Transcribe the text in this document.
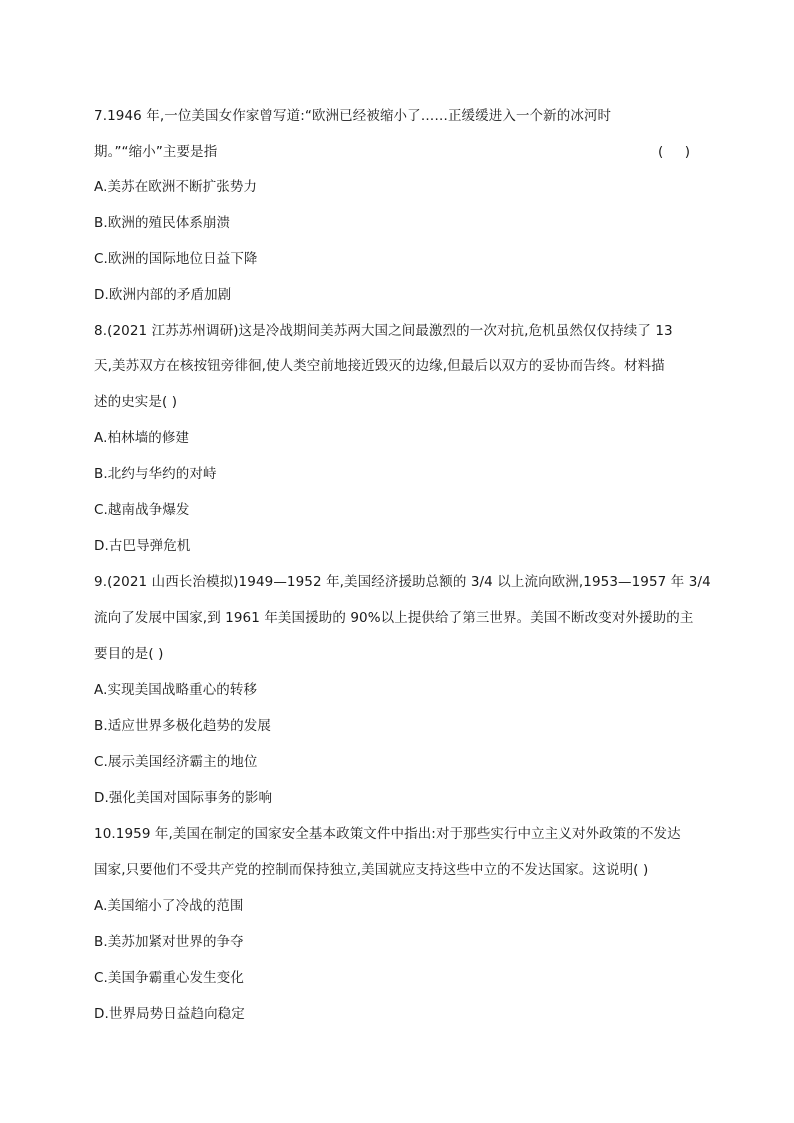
7.1946 年,一位美国女作家曾写道:“欧洲已经被缩小了……正缓缓进入一个新的冰河时
期。”“缩小”主要是指	(     )
A.美苏在欧洲不断扩张势力
B.欧洲的殖民体系崩溃
C.欧洲的国际地位日益下降
D.欧洲内部的矛盾加剧
8.(2021 江苏苏州调研)这是冷战期间美苏两大国之间最激烈的一次对抗,危机虽然仅仅持续了 13
天,美苏双方在核按钮旁徘徊,使人类空前地接近毁灭的边缘,但最后以双方的妥协而告终。材料描
述的史实是( )
A.柏林墙的修建
B.北约与华约的对峙
C.越南战争爆发
D.古巴导弹危机
9.(2021 山西长治模拟)1949—1952 年,美国经济援助总额的 3/4 以上流向欧洲,1953—1957 年 3/4
流向了发展中国家,到 1961 年美国援助的 90%以上提供给了第三世界。美国不断改变对外援助的主
要目的是( )
A.实现美国战略重心的转移
B.适应世界多极化趋势的发展
C.展示美国经济霸主的地位
D.强化美国对国际事务的影响
10.1959 年,美国在制定的国家安全基本政策文件中指出:对于那些实行中立主义对外政策的不发达
国家,只要他们不受共产党的控制而保持独立,美国就应支持这些中立的不发达国家。这说明( )
A.美国缩小了冷战的范围
B.美苏加紧对世界的争夺
C.美国争霸重心发生变化
D.世界局势日益趋向稳定
